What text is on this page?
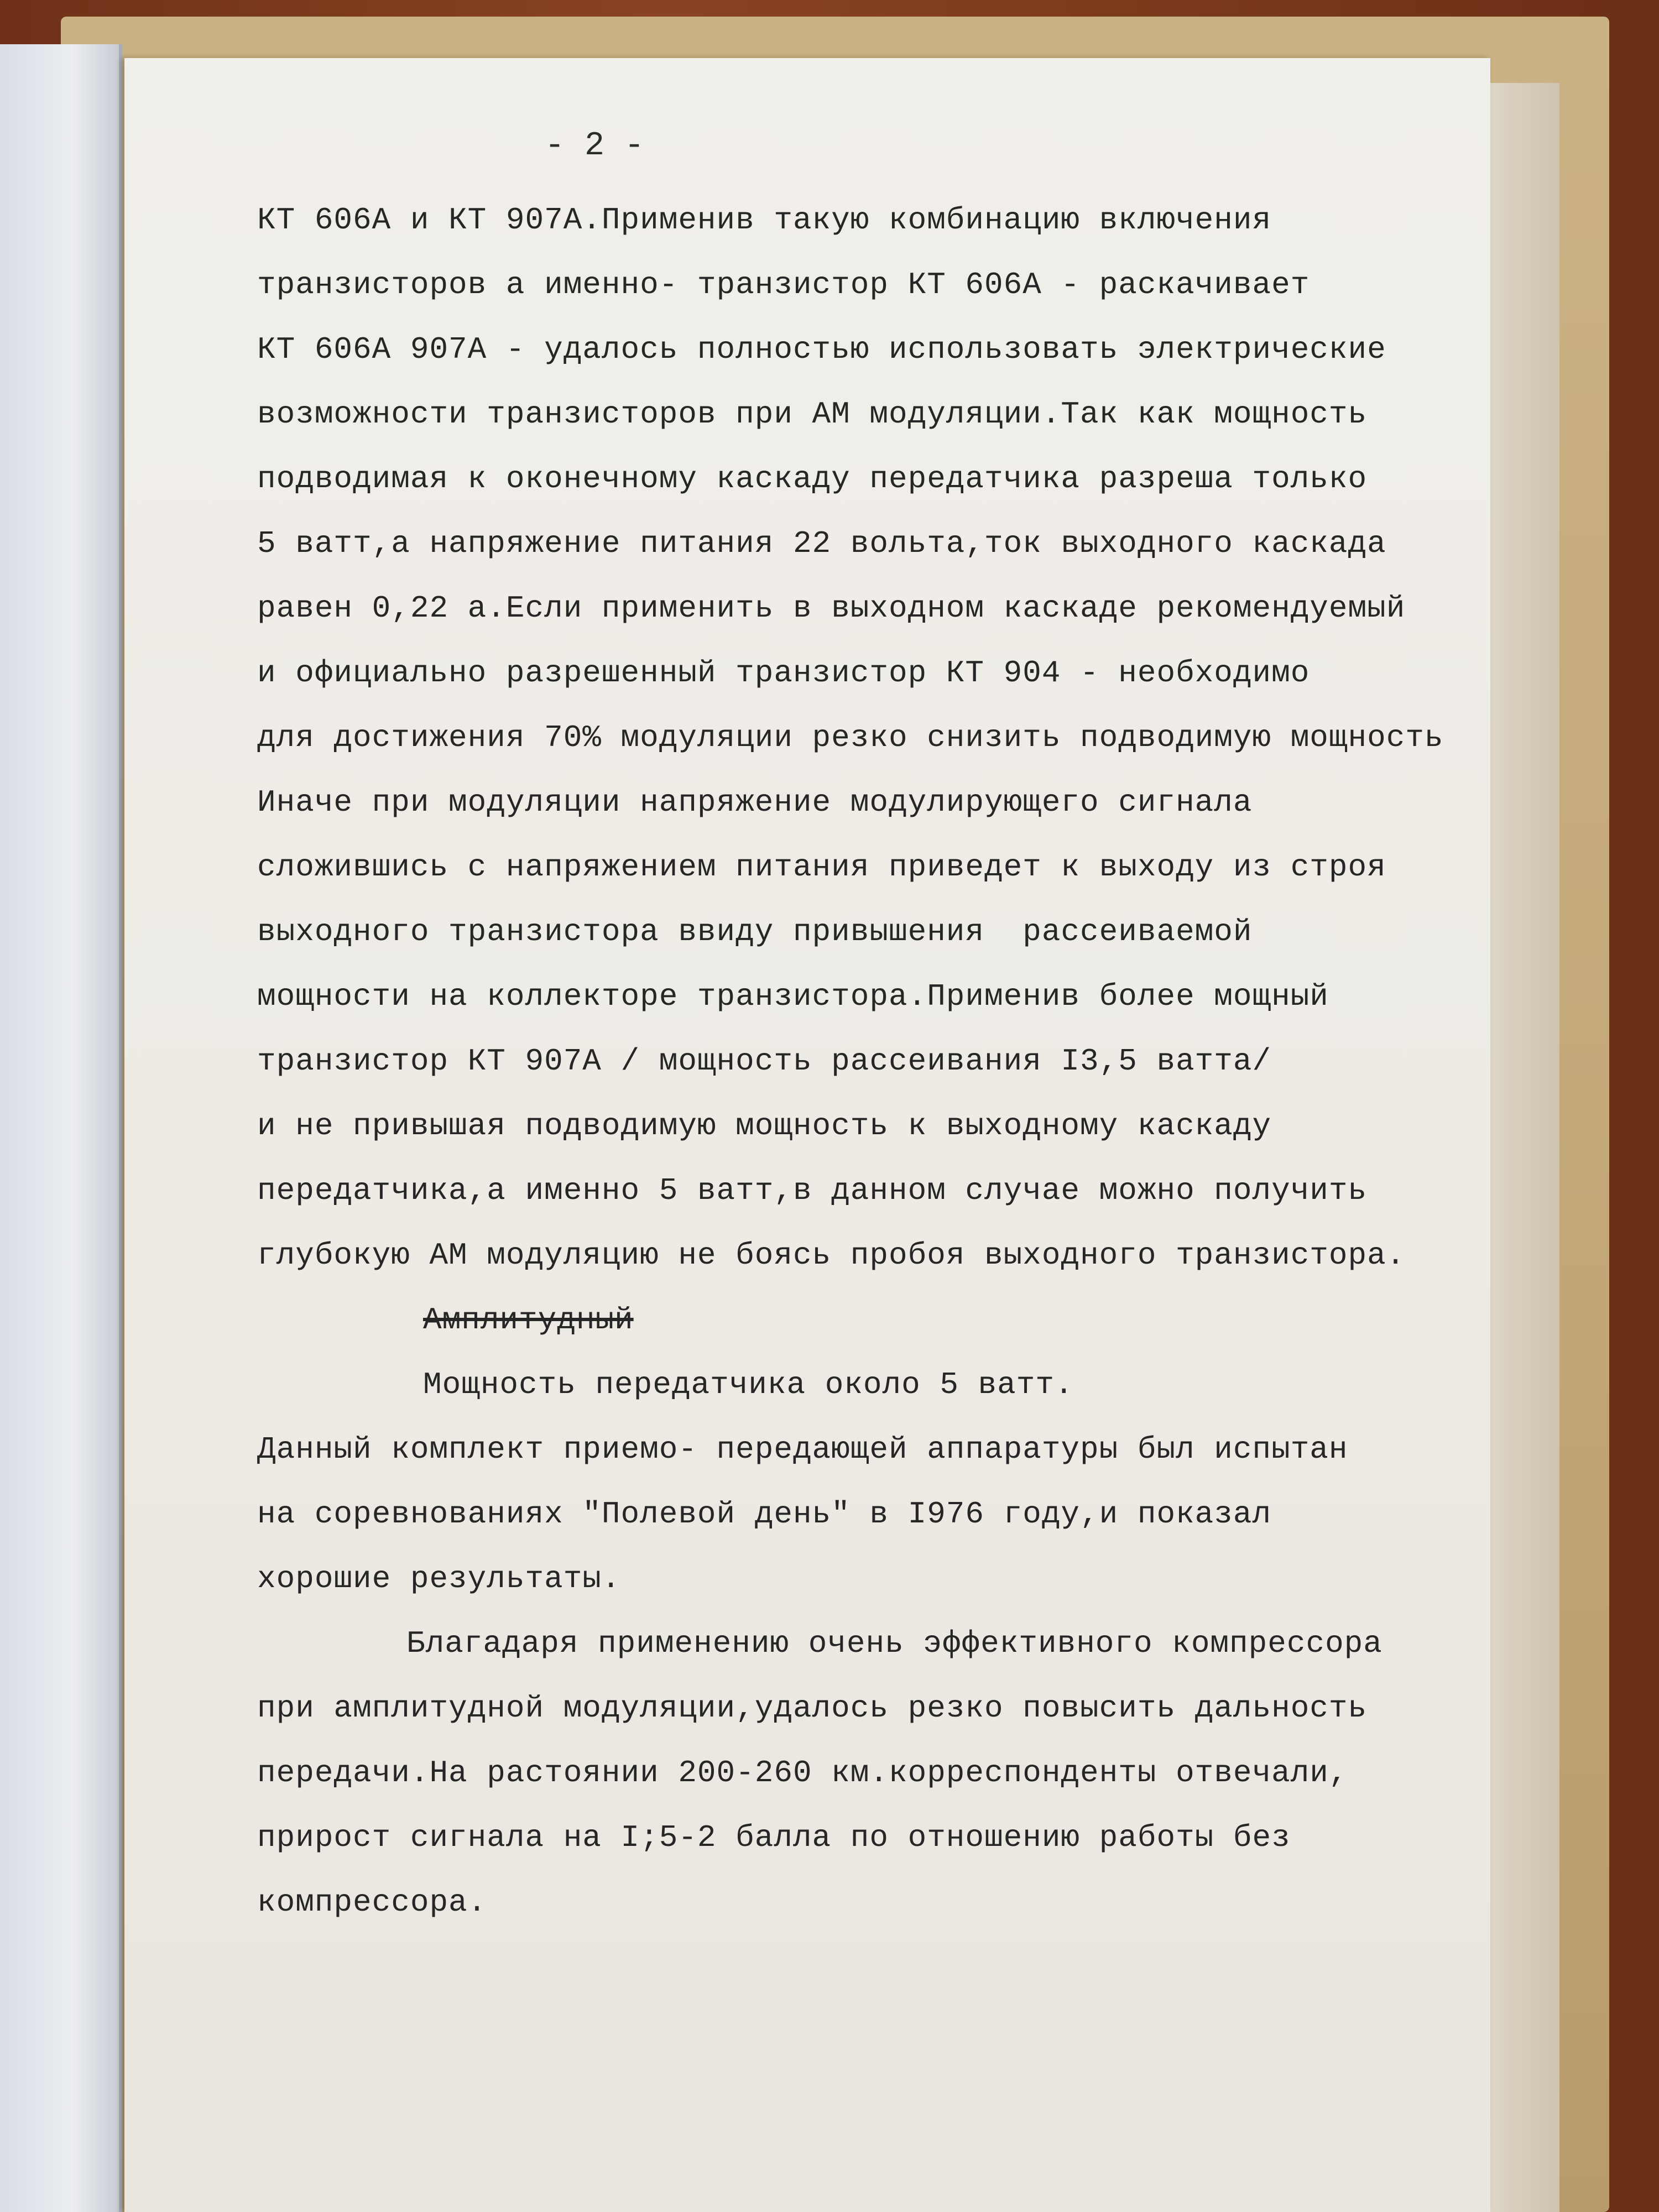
- 2 -
КТ 606А и КТ 907А.Применив такую комбинацию включения
транзисторов а именно- транзистор КТ 606А - раскачивает
КТ 606А 907А - удалось полностью использовать электрические
возможности транзисторов при АМ модуляции.Так как мощность
подводимая к оконечному каскаду передатчика разреша только
5 ватт,а напряжение питания 22 вольта,ток выходного каскада
равен 0,22 а.Если применить в выходном каскаде рекомендуемый
и официально разрешенный транзистор КТ 904 - необходимо
для достижения 70% модуляции резко снизить подводимую мощность
Иначе при модуляции напряжение модулирующего сигнала
сложившись с напряжением питания приведет к выходу из строя
выходного транзистора ввиду привышения  рассеиваемой
мощности на коллекторе транзистора.Применив более мощный
транзистор КТ 907А / мощность рассеивания I3,5 ватта/
и не привышая подводимую мощность к выходному каскаду
передатчика,а именно 5 ватт,в данном случае можно получить
глубокую АМ модуляцию не боясь пробоя выходного транзистора.
Амплитудный
Мощность передатчика около 5 ватт.
Данный комплект приемо- передающей аппаратуры был испытан
на соревнованиях "Полевой день" в I976 году,и показал
хорошие результаты.
Благадаря применению очень эффективного компрессора
при амплитудной модуляции,удалось резко повысить дальность
передачи.На растоянии 200-260 км.корреспонденты отвечали,
прирост сигнала на I;5-2 балла по отношению работы без
компрессора.
